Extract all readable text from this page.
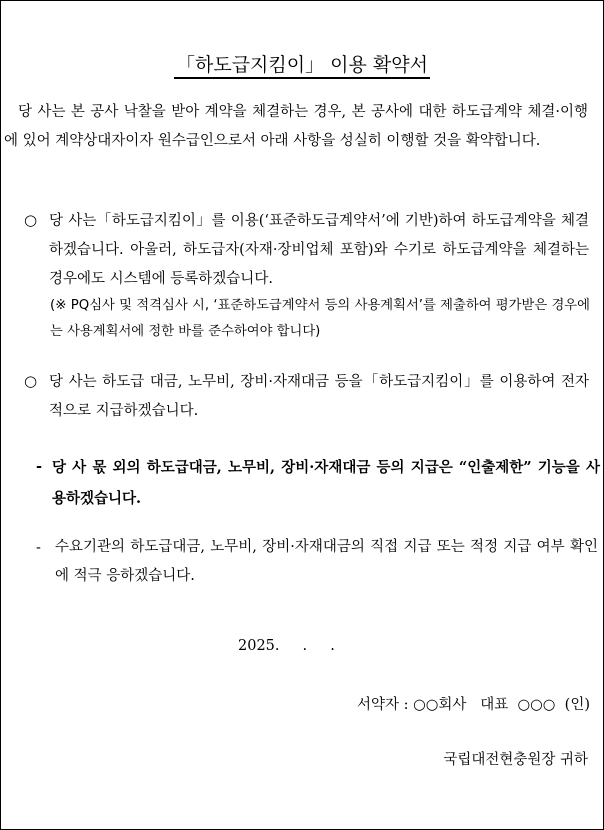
「하도급지킴이」 이용 확약서
당 사는 본 공사 낙찰을 받아 계약을 체결하는 경우, 본 공사에 대한 하도급계약 체결·이행에 있어 계약상대자이자 원수급인으로서 아래 사항을 성실히 이행할 것을 확약합니다.
○ 당 사는「하도급지킴이」를 이용(‘표준하도급계약서’에 기반)하여 하도급계약을 체결하겠습니다. 아울러, 하도급자(자재·장비업체 포함)와 수기로 하도급계약을 체결하는 경우에도 시스템에 등록하겠습니다.
(※ PQ심사 및 적격심사 시, ‘표준하도급계약서 등의 사용계획서’를 제출하여 평가받은 경우에는 사용계획서에 정한 바를 준수하여야 합니다)
○ 당 사는 하도급 대금, 노무비, 장비·자재대금 등을「하도급지킴이」를 이용하여 전자적으로 지급하겠습니다.
- 당 사 몫 외의 하도급대금, 노무비, 장비·자재대금 등의 지급은 “인출제한” 기능을 사용하겠습니다.
- 수요기관의 하도급대금, 노무비, 장비·자재대금의 직접 지급 또는 적정 지급 여부 확인에 적극 응하겠습니다.
2025.     .     .
서약자 : ○○회사   대표  ○○○  (인)
국립대전현충원장 귀하
